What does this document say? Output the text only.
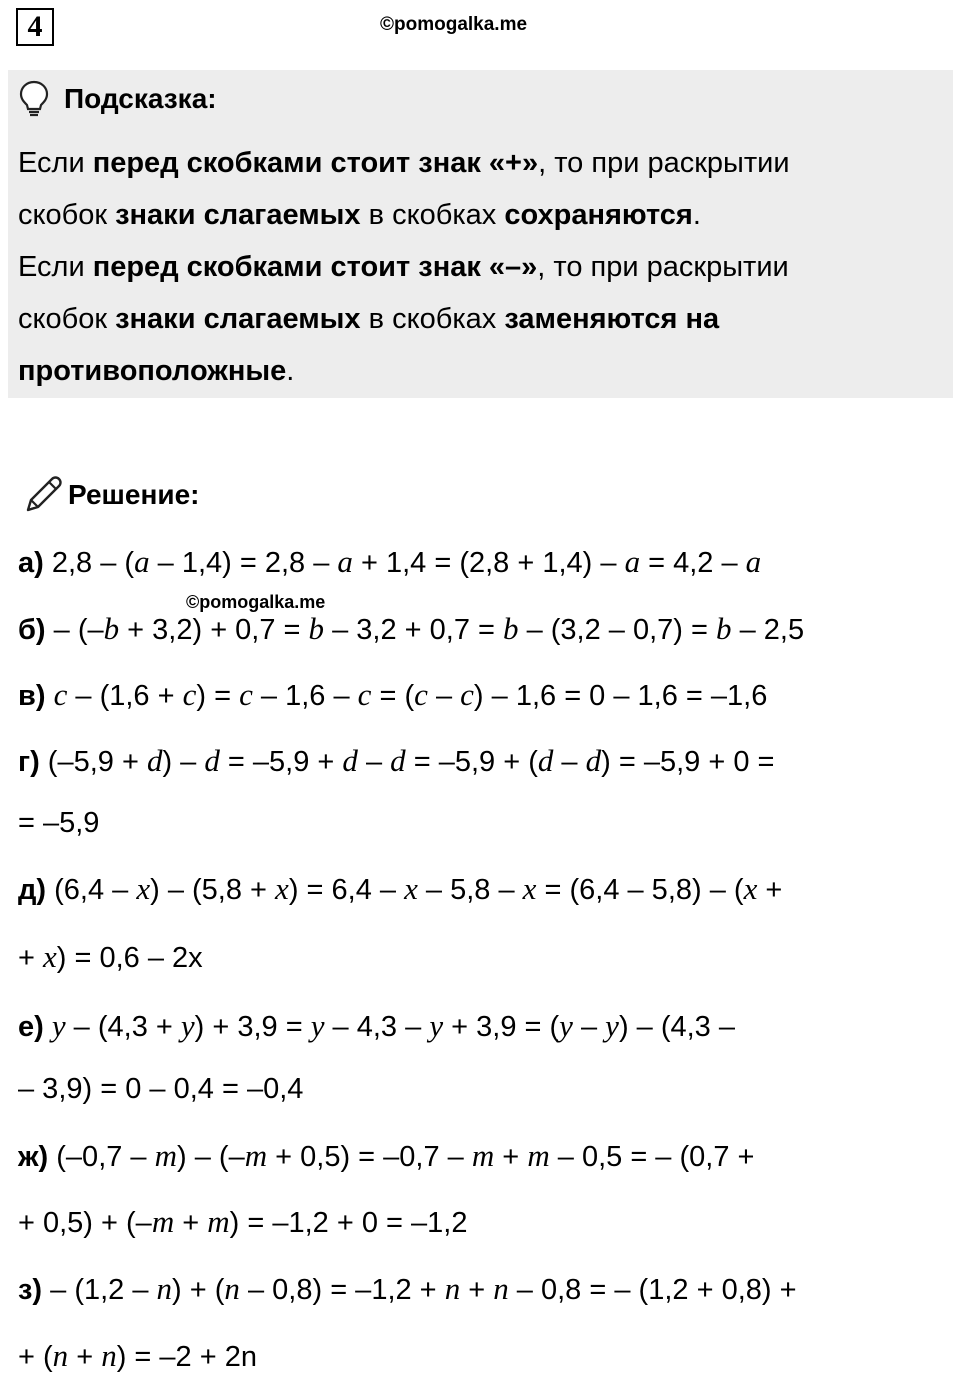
4	©pomogalka.me
Подсказка:
Если перед скобками стоит знак «+», то при раскрытии
скобок знаки слагаемых в скобках сохраняются.
Если перед скобками стоит знак «–», то при раскрытии
скобок знаки слагаемых в скобках заменяются на
противоположные.
©pomogalka.me
Решение:
а) 2,8 – (a – 1,4) = 2,8 – a + 1,4 = (2,8 + 1,4) – a = 4,2 – a
б) – (–b + 3,2) + 0,7 = b – 3,2 + 0,7 = b – (3,2 – 0,7) = b – 2,5
в) c – (1,6 + c) = c – 1,6 – c = (c – c) – 1,6 = 0 – 1,6 = –1,6
г) (–5,9 + d) – d = –5,9 + d – d = –5,9 + (d – d) = –5,9 + 0 =
= –5,9
д) (6,4 – x) – (5,8 + x) = 6,4 – x – 5,8 – x = (6,4 – 5,8) – (x +
+ x) = 0,6 – 2x
е) y – (4,3 + y) + 3,9 = y – 4,3 – y + 3,9 = (y – y) – (4,3 –
– 3,9) = 0 – 0,4 = –0,4
ж) (–0,7 – m) – (–m + 0,5) = –0,7 – m + m – 0,5 = – (0,7 +
+ 0,5) + (–m + m) = –1,2 + 0 = –1,2
з) – (1,2 – n) + (n – 0,8) = –1,2 + n + n – 0,8 = – (1,2 + 0,8) +
+ (n + n) = –2 + 2n
